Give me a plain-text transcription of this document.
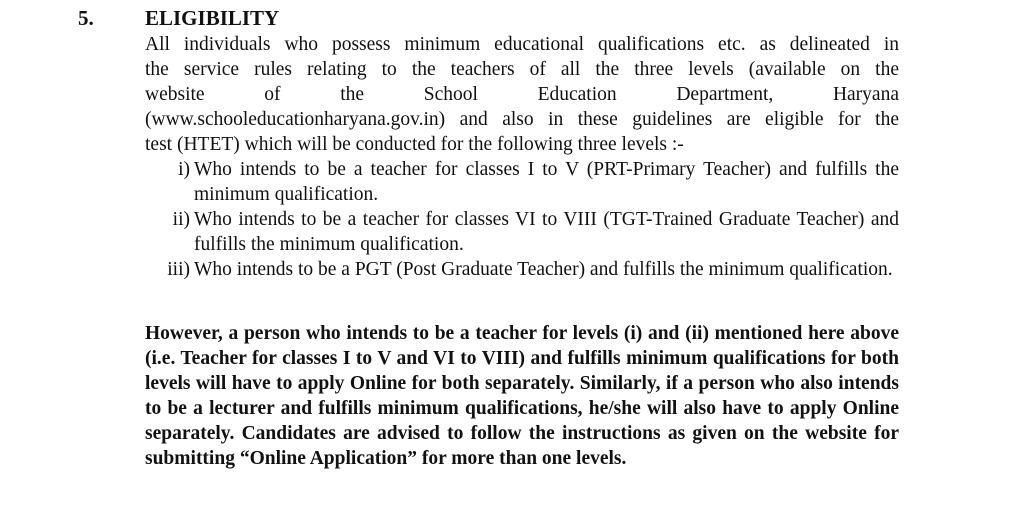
5. ELIGIBILITY
All individuals who possess minimum educational qualifications etc. as delineated in
the service rules relating to the teachers of all the three levels (available on the
website of the School Education Department, Haryana
(www.schooleducationharyana.gov.in) and also in these guidelines are eligible for the
test (HTET) which will be conducted for the following three levels :-
i) Who intends to be a teacher for classes I to V (PRT-Primary Teacher) and fulfills the minimum qualification.
ii) Who intends to be a teacher for classes VI to VIII (TGT-Trained Graduate Teacher) and fulfills the minimum qualification.
iii) Who intends to be a PGT (Post Graduate Teacher) and fulfills the minimum qualification.

However, a person who intends to be a teacher for levels (i) and (ii) mentioned here above (i.e. Teacher for classes I to V and VI to VIII) and fulfills minimum qualifications for both levels will have to apply Online for both separately. Similarly, if a person who also intends to be a lecturer and fulfills minimum qualifications, he/she will also have to apply Online separately. Candidates are advised to follow the instructions as given on the website for submitting “Online Application” for more than one levels.
